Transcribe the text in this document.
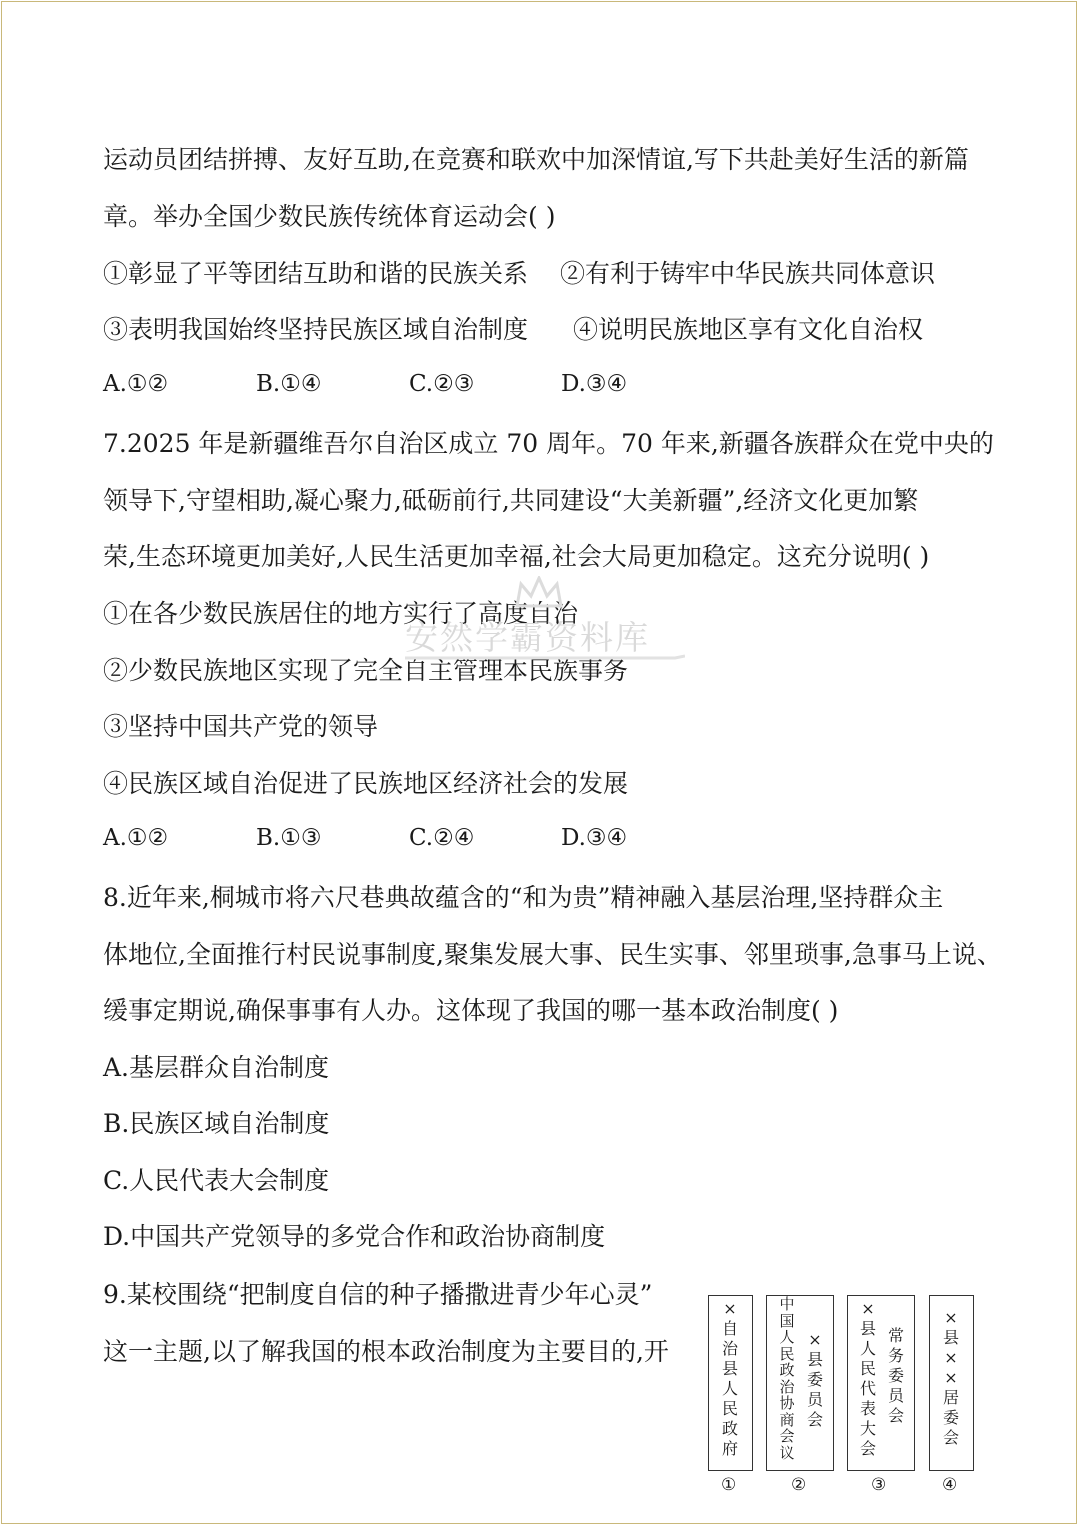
运动员团结拼搏、友好互助,在竞赛和联欢中加深情谊,写下共赴美好生活的新篇
章。举办全国少数民族传统体育运动会( )
①彰显了平等团结互助和谐的民族关系 ②有利于铸牢中华民族共同体意识
③表明我国始终坚持民族区域自治制度 ④说明民族地区享有文化自治权
A.①②	B.①④	C.②③	D.③④
7.2025 年是新疆维吾尔自治区成立 70 周年。70 年来,新疆各族群众在党中央的
领导下,守望相助,凝心聚力,砥砺前行,共同建设“大美新疆”,经济文化更加繁
荣,生态环境更加美好,人民生活更加幸福,社会大局更加稳定。这充分说明( )
①在各少数民族居住的地方实行了高度自治
②少数民族地区实现了完全自主管理本民族事务
③坚持中国共产党的领导
④民族区域自治促进了民族地区经济社会的发展
A.①②	B.①③	C.②④	D.③④
安然学霸资料库
8.近年来,桐城市将六尺巷典故蕴含的“和为贵”精神融入基层治理,坚持群众主
体地位,全面推行村民说事制度,聚集发展大事、民生实事、邻里琐事,急事马上说、
缓事定期说,确保事事有人办。这体现了我国的哪一基本政治制度( )
A.基层群众自治制度
B.民族区域自治制度
C.人民代表大会制度
D.中国共产党领导的多党合作和政治协商制度
9.某校围绕“把制度自信的种子播撒进青少年心灵”
这一主题,以了解我国的根本政治制度为主要目的,开
×自治县人民政府
①
中国人民政治协商会议
×县委员会
②
×县人民代表大会
常务委员会
③
×县××居委会
④
